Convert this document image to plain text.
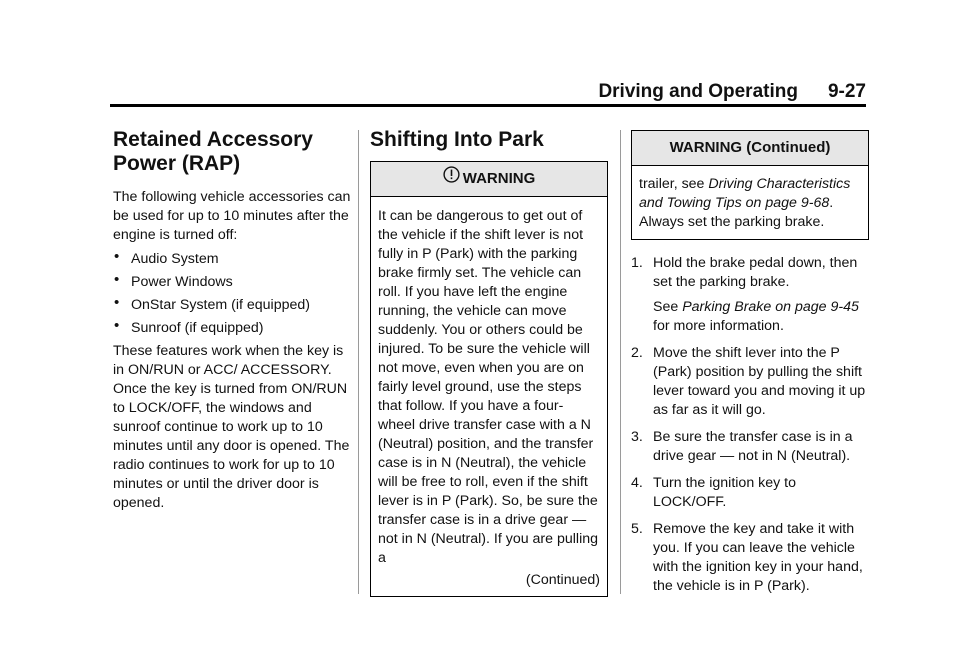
Driving and Operating 9-27
Retained Accessory
Power (RAP)

The following vehicle accessories can be used for up to 10 minutes after the engine is turned off:

• Audio System
• Power Windows
• OnStar System (if equipped)
• Sunroof (if equipped)

These features work when the key is in ON/RUN or ACC/ ACCESSORY. Once the key is turned from ON/RUN to LOCK/OFF, the windows and sunroof continue to work up to 10 minutes until any door is opened. The radio continues to work for up to 10 minutes or until the driver door is opened.

Shifting Into Park
WARNING

It can be dangerous to get out of the vehicle if the shift lever is not fully in P (Park) with the parking brake firmly set. The vehicle can roll. If you have left the engine running, the vehicle can move suddenly. You or others could be injured. To be sure the vehicle will not move, even when you are on fairly level ground, use the steps that follow. If you have a four-wheel drive transfer case with a N (Neutral) position, and the transfer case is in N (Neutral), the vehicle will be free to roll, even if the shift lever is in P (Park). So, be sure the transfer case is in a drive gear — not in N (Neutral). If you are pulling a

(Continued)
WARNING (Continued)

trailer, see Driving Characteristics and Towing Tips on page 9-68.
Always set the parking brake.

1. Hold the brake pedal down, then set the parking brake.
See Parking Brake on page 9-45 for more information.
2. Move the shift lever into the P (Park) position by pulling the shift lever toward you and moving it up as far as it will go.
3. Be sure the transfer case is in a drive gear — not in N (Neutral).
4. Turn the ignition key to LOCK/OFF.
5. Remove the key and take it with you. If you can leave the vehicle with the ignition key in your hand, the vehicle is in P (Park).
